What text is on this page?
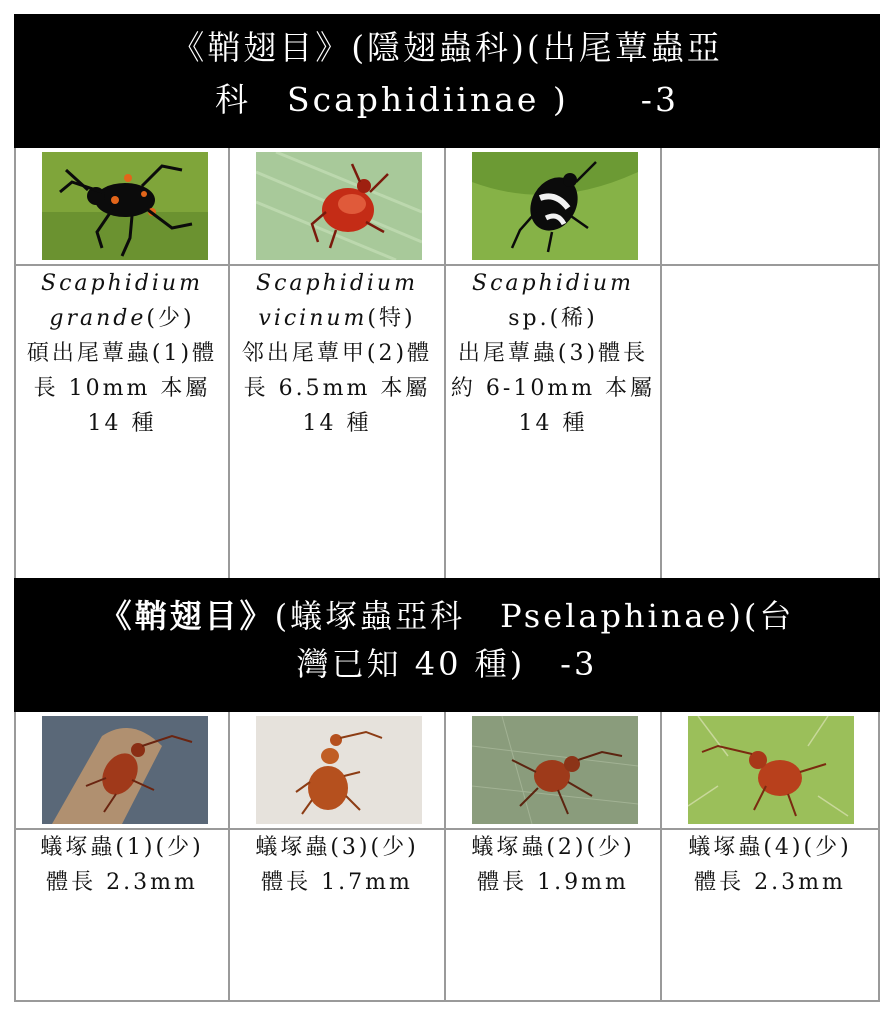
《鞘翅目》(隱翅蟲科)(出尾蕈蟲亞
科　Scaphidiinae )　　-3
Scaphidium
grande(少)
碩出尾蕈蟲(1)體長 10mm 本屬 14 種
Scaphidium
vicinum(特)
邻出尾蕈甲(2)體長 6.5mm 本屬 14 種
Scaphidium
sp.(稀)
出尾蕈蟲(3)體長約 6-10mm 本屬 14 種
《鞘翅目》(蟻塚蟲亞科　Pselaphinae)(台
灣已知 40 種)　-3
蟻塚蟲(1)(少)
體長 2.3mm
蟻塚蟲(3)(少)
體長 1.7mm
蟻塚蟲(2)(少)
體長 1.9mm
蟻塚蟲(4)(少)
體長 2.3mm
